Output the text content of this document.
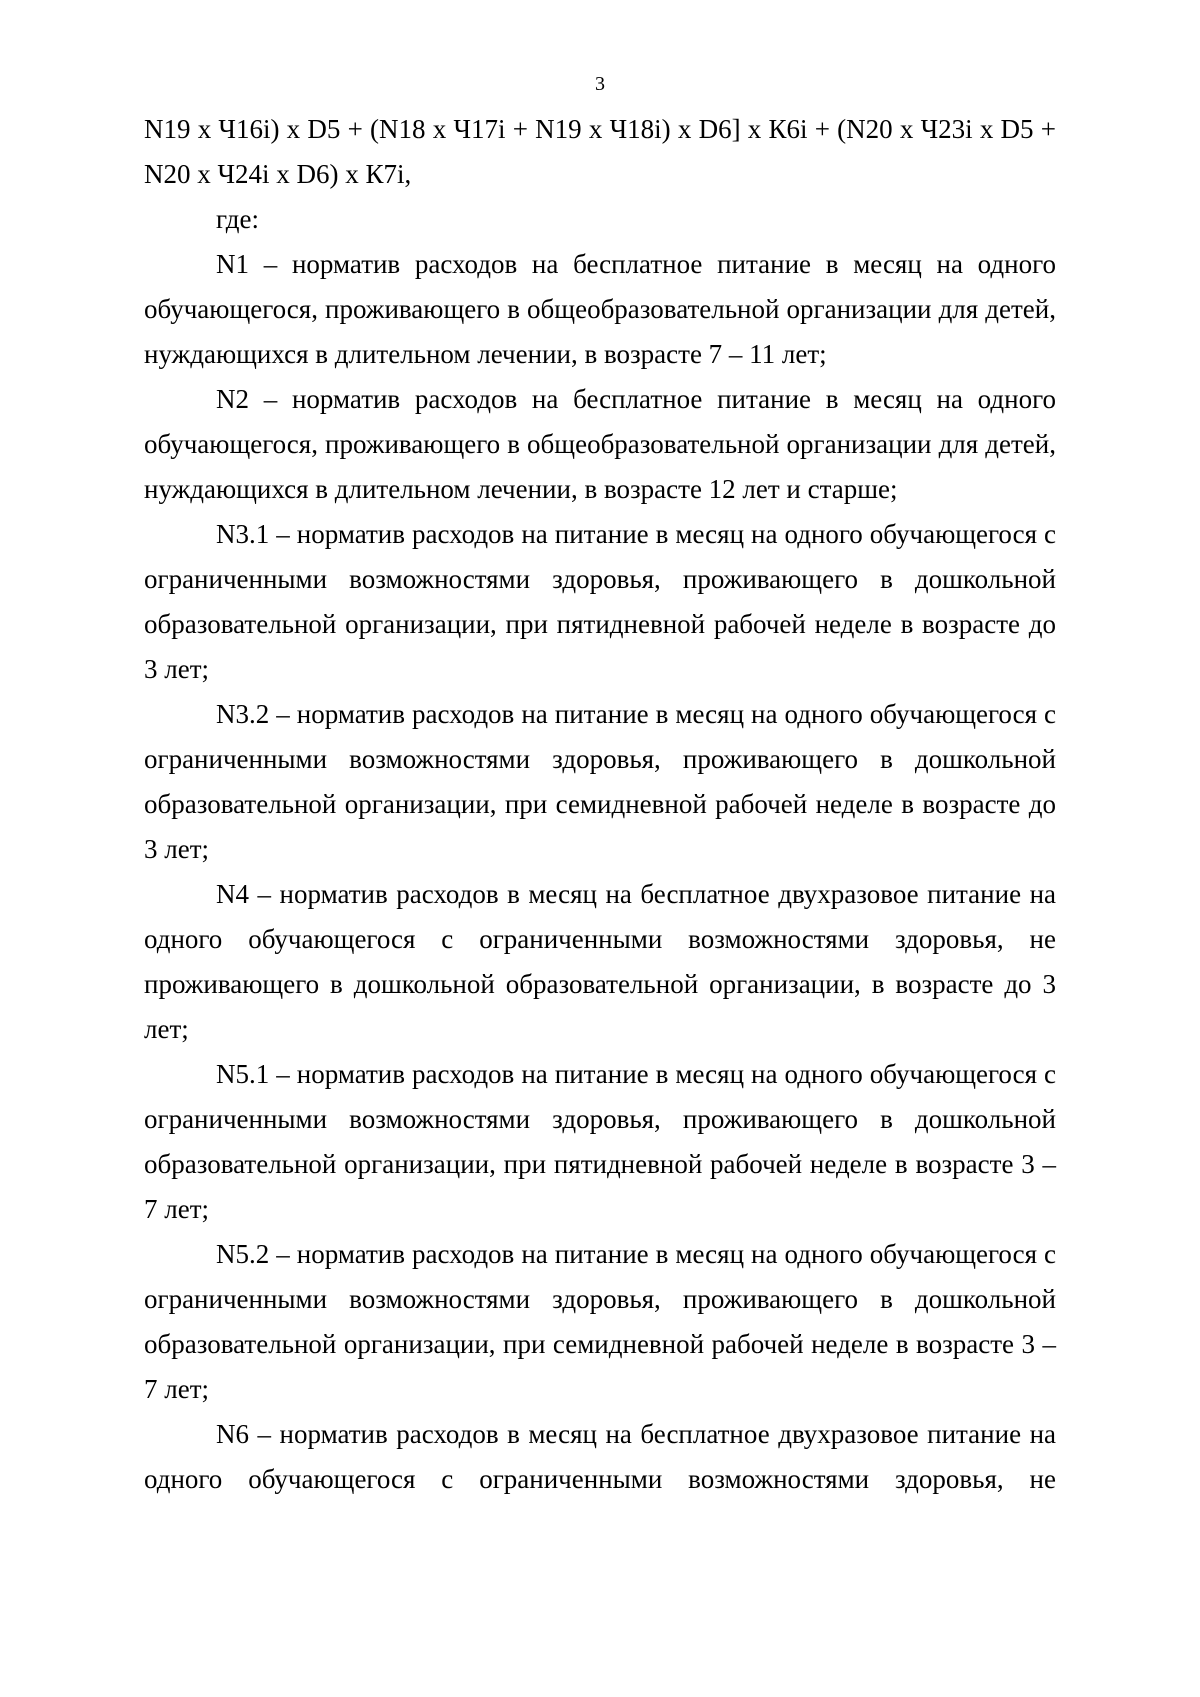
3

N19 х Ч16i) х D5 + (N18 х Ч17i + N19 х Ч18i) х D6] х К6i + (N20 х Ч23i х D5 + N20 х Ч24i х D6) х К7i,

где:

N1 – норматив расходов на бесплатное питание в месяц на одного обучающегося, проживающего в общеобразовательной организации для детей, нуждающихся в длительном лечении, в возрасте 7 – 11 лет;

N2 – норматив расходов на бесплатное питание в месяц на одного обучающегося, проживающего в общеобразовательной организации для детей, нуждающихся в длительном лечении, в возрасте 12 лет и старше;

N3.1 – норматив расходов на питание в месяц на одного обучающегося с ограниченными возможностями здоровья, проживающего в дошкольной образовательной организации, при пятидневной рабочей неделе в возрасте до 3 лет;

N3.2 – норматив расходов на питание в месяц на одного обучающегося с ограниченными возможностями здоровья, проживающего в дошкольной образовательной организации, при семидневной рабочей неделе в возрасте до 3 лет;

N4 – норматив расходов в месяц на бесплатное двухразовое питание на одного обучающегося с ограниченными возможностями здоровья, не проживающего в дошкольной образовательной организации, в возрасте до 3 лет;

N5.1 – норматив расходов на питание в месяц на одного обучающегося с ограниченными возможностями здоровья, проживающего в дошкольной образовательной организации, при пятидневной рабочей неделе в возрасте 3 – 7 лет;

N5.2 – норматив расходов на питание в месяц на одного обучающегося с ограниченными возможностями здоровья, проживающего в дошкольной образовательной организации, при семидневной рабочей неделе в возрасте 3 – 7 лет;

N6 – норматив расходов в месяц на бесплатное двухразовое питание на одного обучающегося с ограниченными возможностями здоровья, не
